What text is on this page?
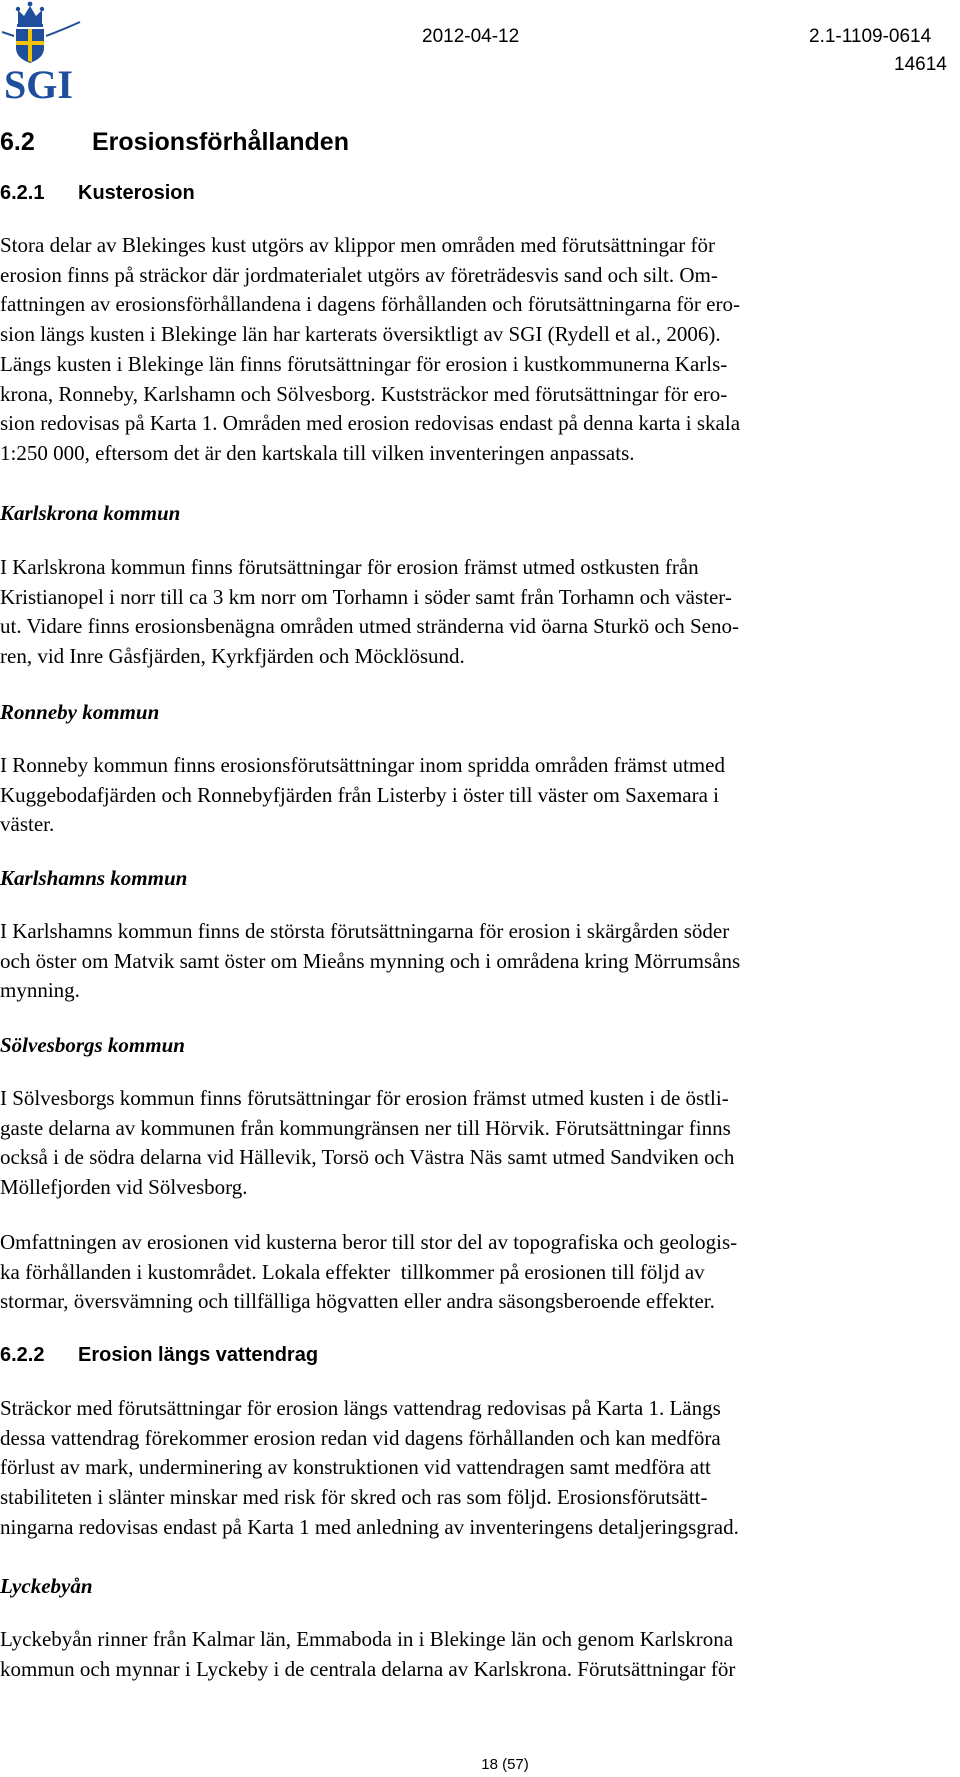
SGI
2012-04-12	2.1-1109-0614
14614
6.2 Erosionsförhållanden
6.2.1 Kusterosion
Stora delar av Blekinges kust utgörs av klippor men områden med förutsättningar för
erosion finns på sträckor där jordmaterialet utgörs av företrädesvis sand och silt. Om-
fattningen av erosionsförhållandena i dagens förhållanden och förutsättningarna för ero-
sion längs kusten i Blekinge län har karterats översiktligt av SGI (Rydell et al., 2006).
Längs kusten i Blekinge län finns förutsättningar för erosion i kustkommunerna Karls-
krona, Ronneby, Karlshamn och Sölvesborg. Kuststräckor med förutsättningar för ero-
sion redovisas på Karta 1. Områden med erosion redovisas endast på denna karta i skala
1:250 000, eftersom det är den kartskala till vilken inventeringen anpassats.
Karlskrona kommun
I Karlskrona kommun finns förutsättningar för erosion främst utmed ostkusten från
Kristianopel i norr till ca 3 km norr om Torhamn i söder samt från Torhamn och väster-
ut. Vidare finns erosionsbenägna områden utmed stränderna vid öarna Sturkö och Seno-
ren, vid Inre Gåsfjärden, Kyrkfjärden och Möcklösund.
Ronneby kommun
I Ronneby kommun finns erosionsförutsättningar inom spridda områden främst utmed
Kuggebodafjärden och Ronnebyfjärden från Listerby i öster till väster om Saxemara i
väster.
Karlshamns kommun
I Karlshamns kommun finns de största förutsättningarna för erosion i skärgården söder
och öster om Matvik samt öster om Mieåns mynning och i områdena kring Mörrumsåns
mynning.
Sölvesborgs kommun
I Sölvesborgs kommun finns förutsättningar för erosion främst utmed kusten i de östli-
gaste delarna av kommunen från kommungränsen ner till Hörvik. Förutsättningar finns
också i de södra delarna vid Hällevik, Torsö och Västra Näs samt utmed Sandviken och
Möllefjorden vid Sölvesborg.
Omfattningen av erosionen vid kusterna beror till stor del av topografiska och geologis-
ka förhållanden i kustområdet. Lokala effekter  tillkommer på erosionen till följd av
stormar, översvämning och tillfälliga högvatten eller andra säsongsberoende effekter.
6.2.2 Erosion längs vattendrag
Sträckor med förutsättningar för erosion längs vattendrag redovisas på Karta 1. Längs
dessa vattendrag förekommer erosion redan vid dagens förhållanden och kan medföra
förlust av mark, underminering av konstruktionen vid vattendragen samt medföra att
stabiliteten i slänter minskar med risk för skred och ras som följd. Erosionsförutsätt-
ningarna redovisas endast på Karta 1 med anledning av inventeringens detaljeringsgrad.
Lyckebyån
Lyckebyån rinner från Kalmar län, Emmaboda in i Blekinge län och genom Karlskrona
kommun och mynnar i Lyckeby i de centrala delarna av Karlskrona. Förutsättningar för
18 (57)
